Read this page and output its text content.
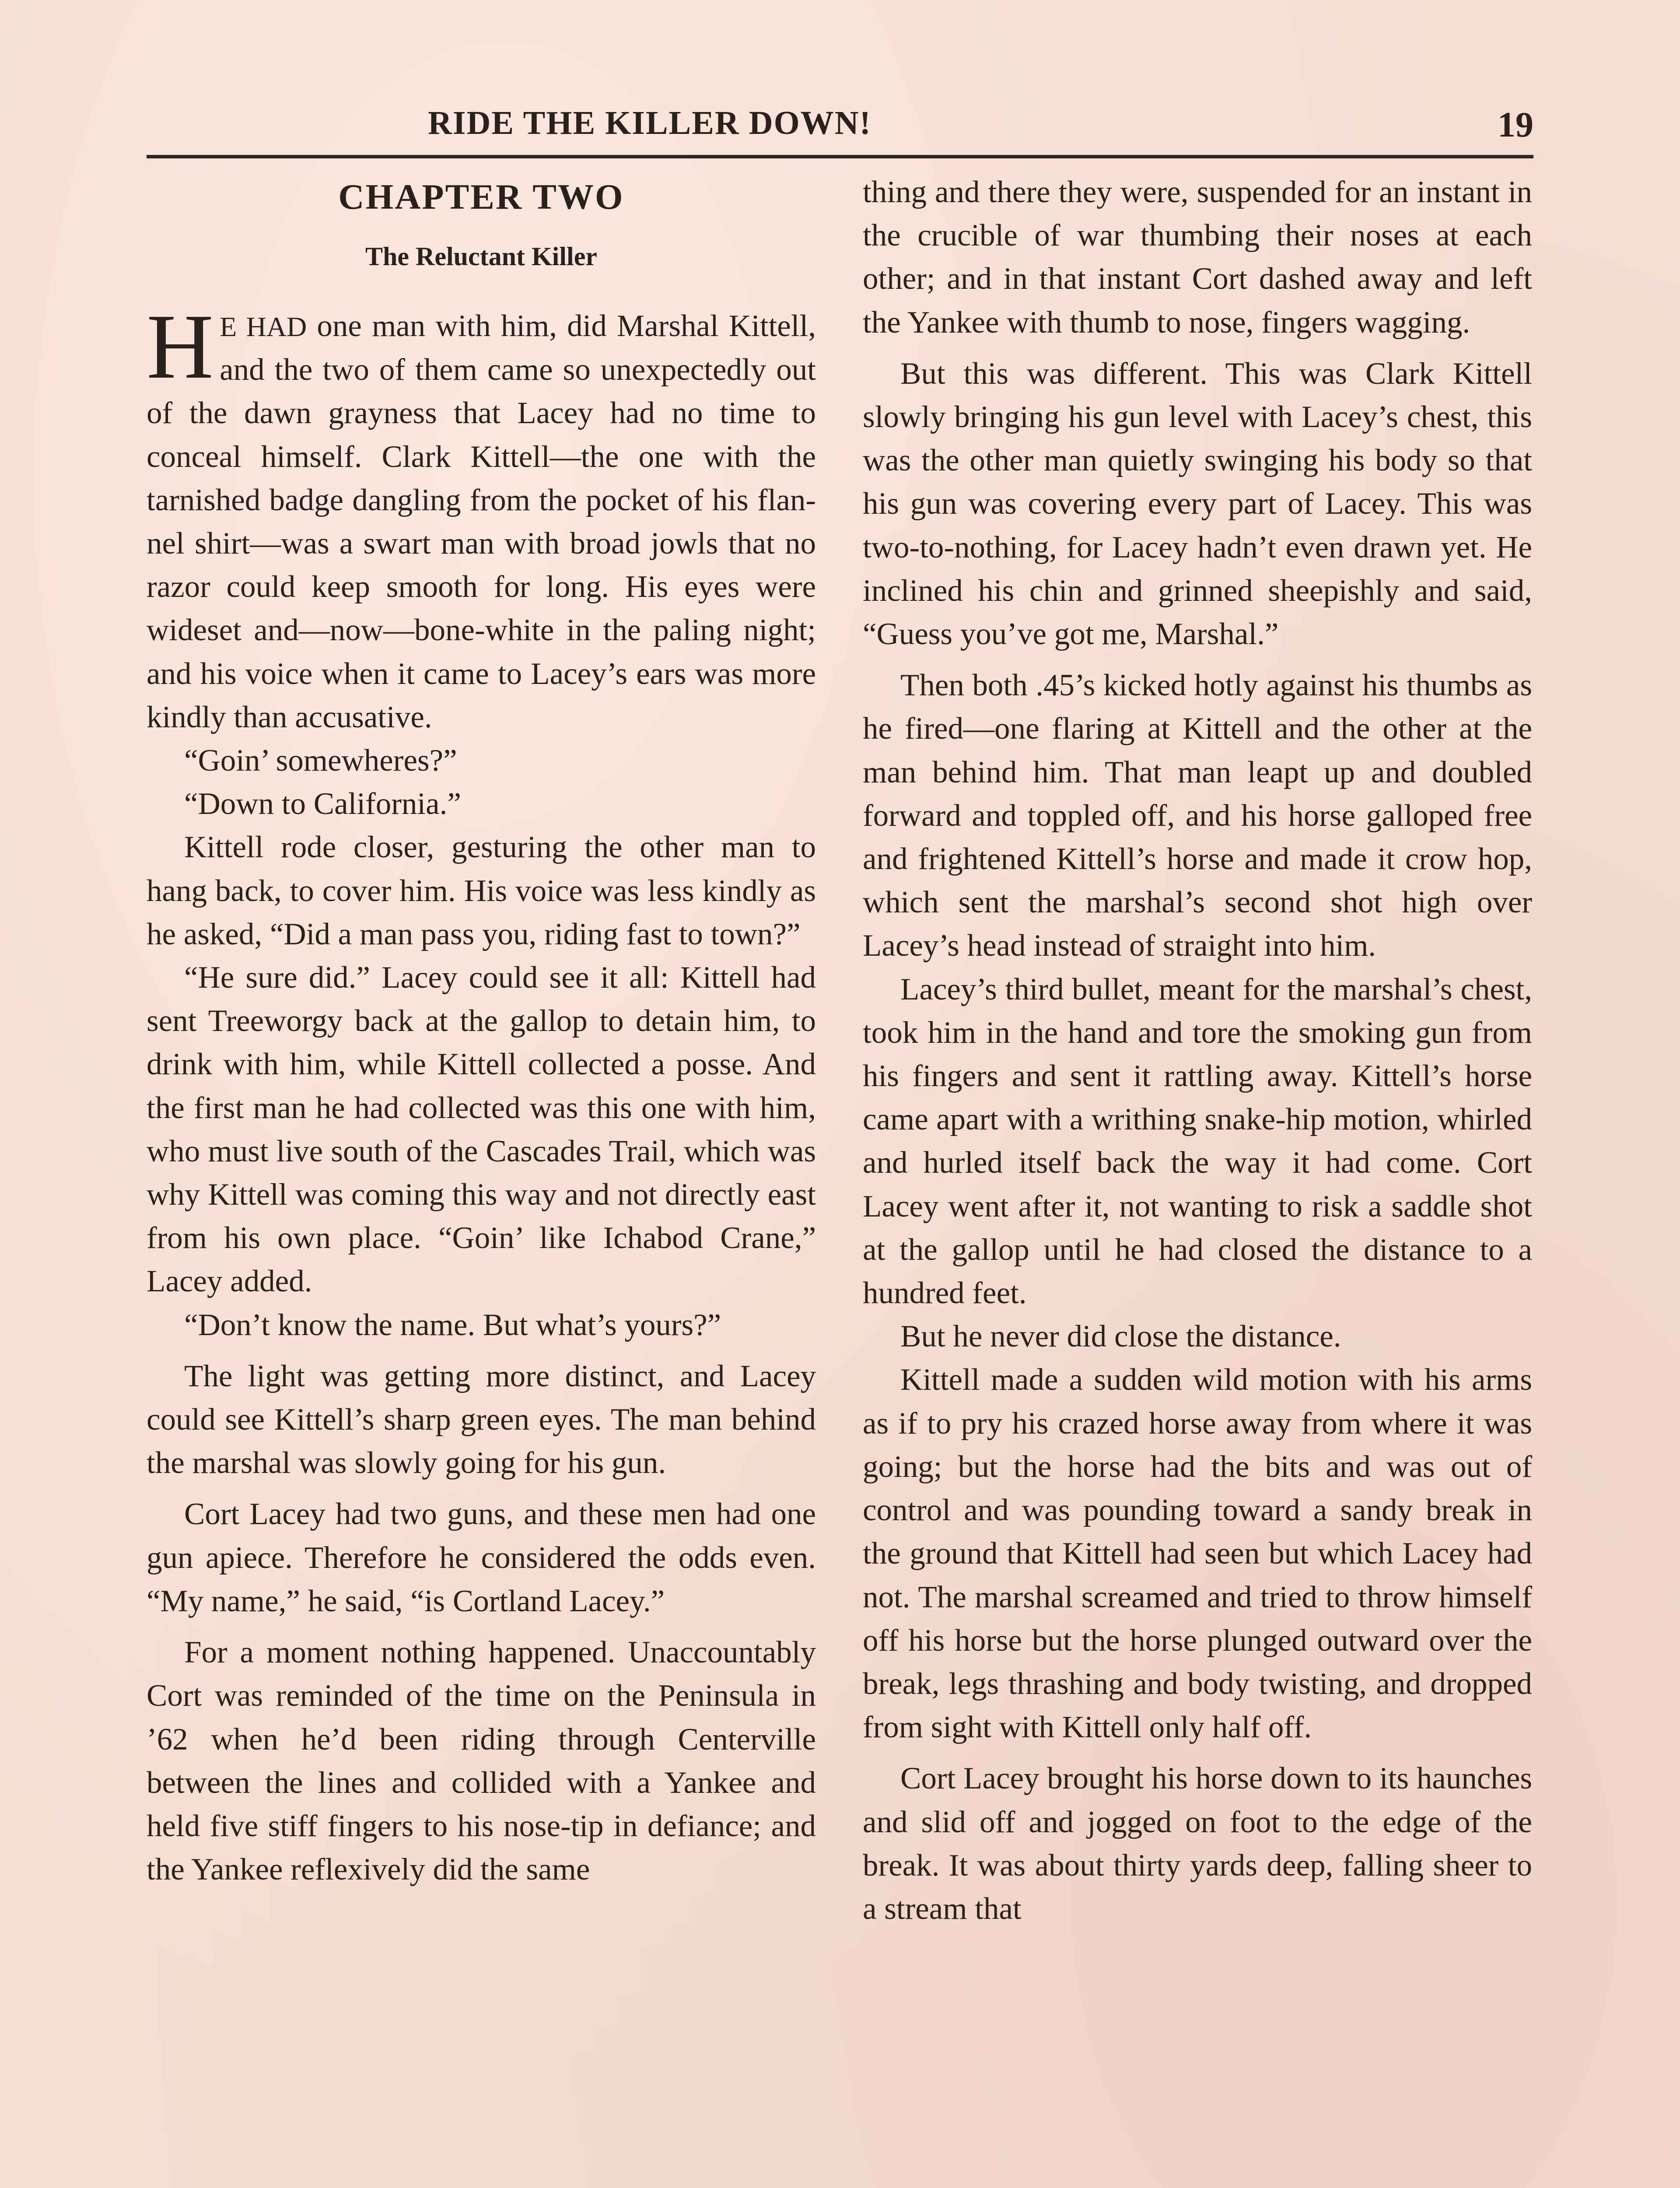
RIDE THE KILLER DOWN!	19
CHAPTER TWO
The Reluctant Killer

H E HAD one man with him, did Marshal Kittell, and the two of them came so unexpectedly out of the dawn grayness that Lacey had no time to conceal himself. Clark Kittell—the one with the tarnished badge dangling from the pocket of his flannel shirt—was a swart man with broad jowls that no razor could keep smooth for long. His eyes were wideset and—now—bone-white in the paling night; and his voice when it came to Lacey’s ears was more kindly than accusative.

“Goin’ somewheres?”

“Down to California.”

Kittell rode closer, gesturing the other man to hang back, to cover him. His voice was less kindly as he asked, “Did a man pass you, riding fast to town?”

“He sure did.” Lacey could see it all: Kittell had sent Treeworgy back at the gallop to detain him, to drink with him, while Kittell collected a posse. And the first man he had collected was this one with him, who must live south of the Cascades Trail, which was why Kittell was coming this way and not directly east from his own place. “Goin’ like Ichabod Crane,” Lacey added.

“Don’t know the name. But what’s yours?”

The light was getting more distinct, and Lacey could see Kittell’s sharp green eyes. The man behind the marshal was slowly going for his gun.

Cort Lacey had two guns, and these men had one gun apiece. Therefore he considered the odds even. “My name,” he said, “is Cortland Lacey.”

For a moment nothing happened. Unaccountably Cort was reminded of the time on the Peninsula in ’62 when he’d been riding through Centerville between the lines and collided with a Yankee and held five stiff fingers to his nose-tip in defiance; and the Yankee reflexively did the same

thing and there they were, suspended for an instant in the crucible of war thumbing their noses at each other; and in that instant Cort dashed away and left the Yankee with thumb to nose, fingers wagging.

But this was different. This was Clark Kittell slowly bringing his gun level with Lacey’s chest, this was the other man quietly swinging his body so that his gun was covering every part of Lacey. This was two-to-nothing, for Lacey hadn’t even drawn yet. He inclined his chin and grinned sheepishly and said, “Guess you’ve got me, Marshal.”

Then both .45’s kicked hotly against his thumbs as he fired—one flaring at Kittell and the other at the man behind him. That man leapt up and doubled forward and toppled off, and his horse galloped free and frightened Kittell’s horse and made it crow hop, which sent the marshal’s second shot high over Lacey’s head instead of straight into him.

Lacey’s third bullet, meant for the marshal’s chest, took him in the hand and tore the smoking gun from his fingers and sent it rattling away. Kittell’s horse came apart with a writhing snake-hip motion, whirled and hurled itself back the way it had come. Cort Lacey went after it, not wanting to risk a saddle shot at the gallop until he had closed the distance to a hundred feet.

But he never did close the distance.

Kittell made a sudden wild motion with his arms as if to pry his crazed horse away from where it was going; but the horse had the bits and was out of control and was pounding toward a sandy break in the ground that Kittell had seen but which Lacey had not. The marshal screamed and tried to throw himself off his horse but the horse plunged outward over the break, legs thrashing and body twisting, and dropped from sight with Kittell only half off.

Cort Lacey brought his horse down to its haunches and slid off and jogged on foot to the edge of the break. It was about thirty yards deep, falling sheer to a stream that
